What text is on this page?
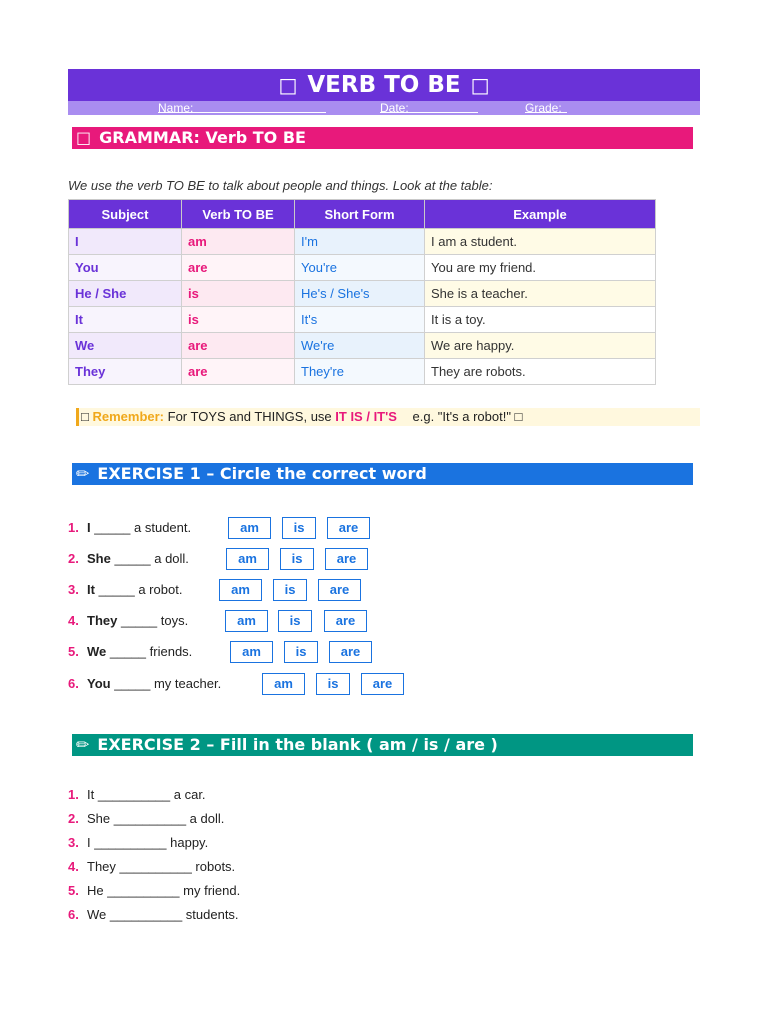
□ VERB TO BE □
Name:	Date:	Grade:
□ GRAMMAR: Verb TO BE
We use the verb TO BE to talk about people and things. Look at the table:
Subject	Verb TO BE	Short Form	Example
I	am	I'm	I am a student.
You	are	You're	You are my friend.
He / She	is	He's / She's	She is a teacher.
It	is	It's	It is a toy.
We	are	We're	We are happy.
They	are	They're	They are robots.
□ Remember: For TOYS and THINGS, use IT IS / IT'S e.g. "It's a robot!" □
✏ EXERCISE 1 – Circle the correct word
1. I _____ a student.	am	is	are
2. She _____ a doll.	am	is	are
3. It _____ a robot.	am	is	are
4. They _____ toys.	am	is	are
5. We _____ friends.	am	is	are
6. You _____ my teacher.	am	is	are
✏ EXERCISE 2 – Fill in the blank ( am / is / are )
1. It __________ a car.
2. She __________ a doll.
3. I __________ happy.
4. They __________ robots.
5. He __________ my friend.
6. We __________ students.
